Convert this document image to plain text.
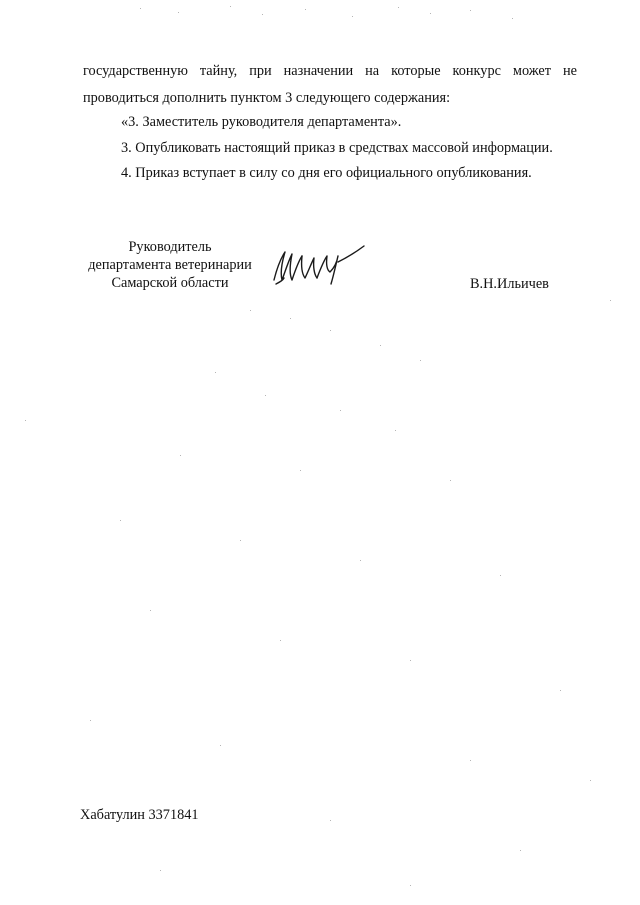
государственную тайну, при назначении на которые конкурс может не
проводиться дополнить пунктом 3 следующего содержания:
«3. Заместитель руководителя департамента».
3. Опубликовать настоящий приказ в средствах массовой информации.
4. Приказ вступает в силу со дня его официального опубликования.
Руководитель
департамента ветеринарии
Самарской области	В.Н.Ильичев
Хабатулин 3371841
